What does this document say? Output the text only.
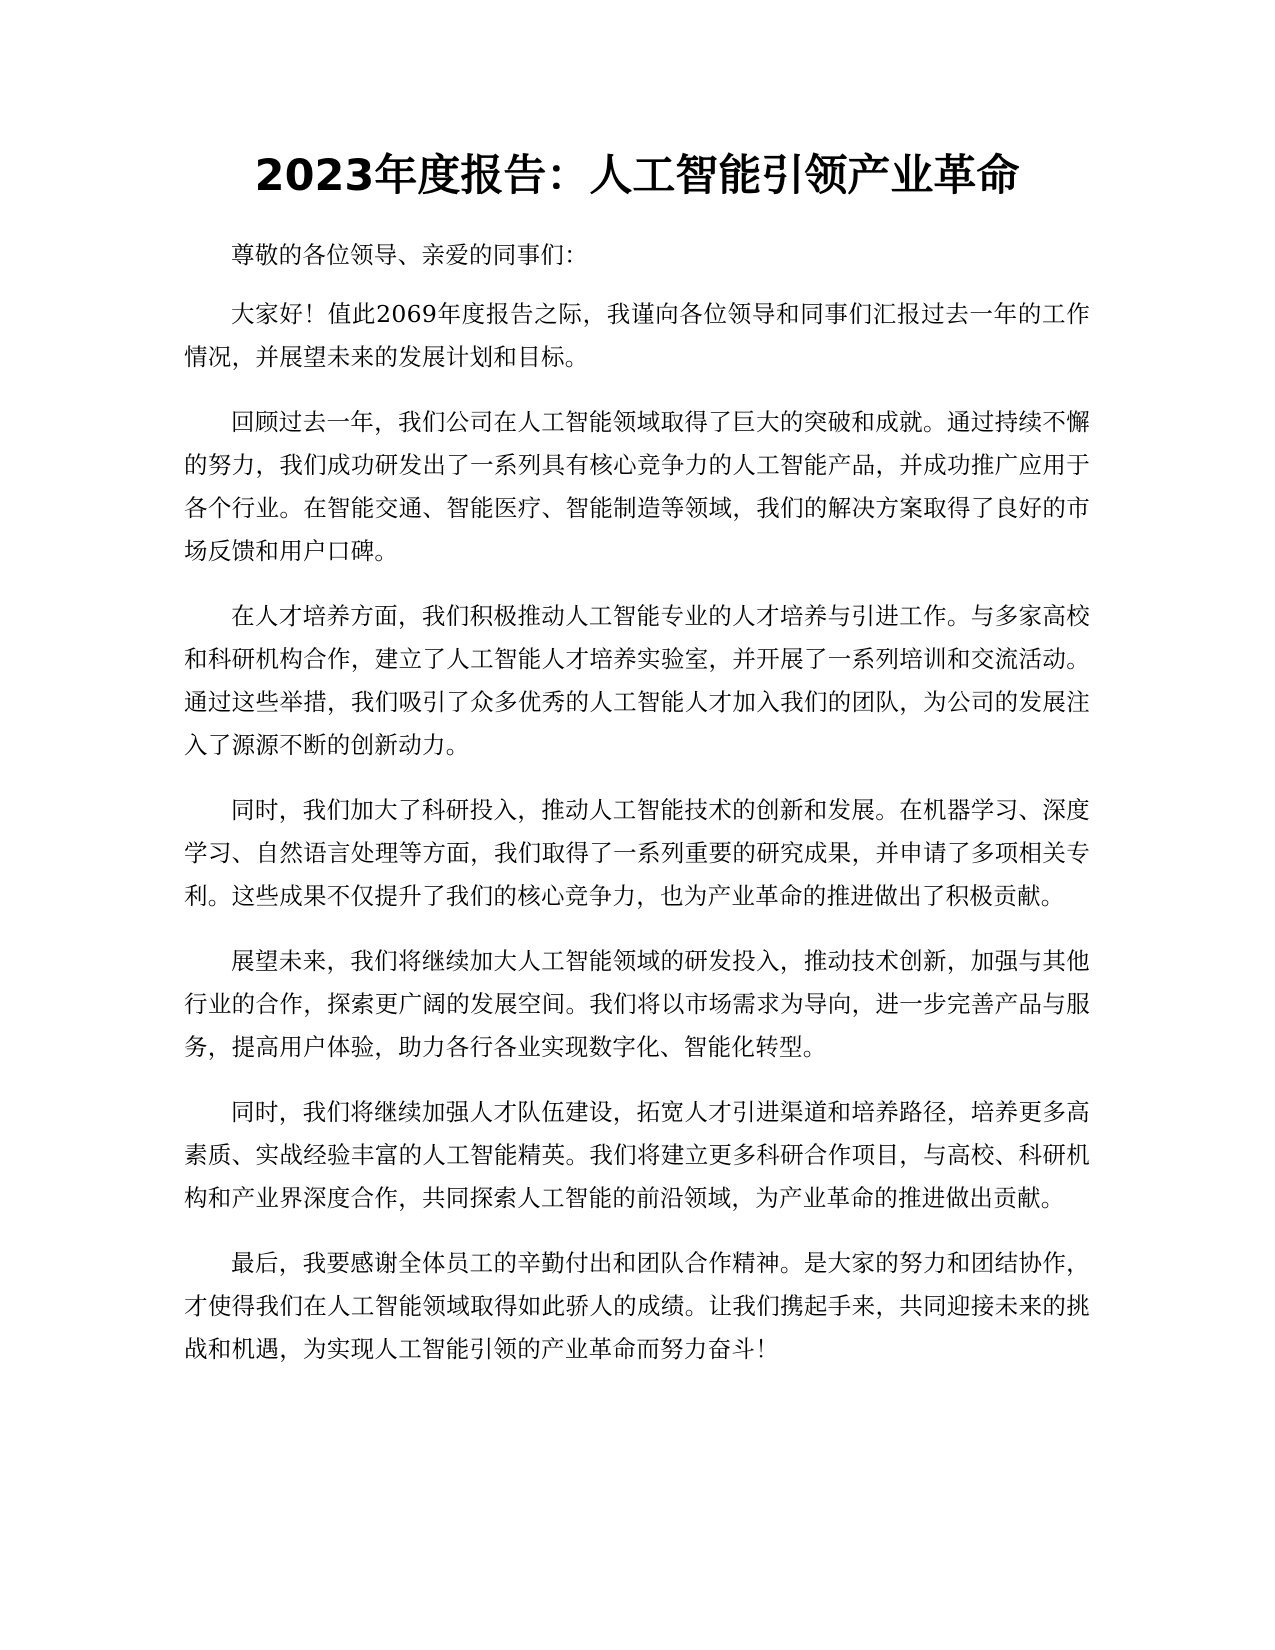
2023年度报告：人工智能引领产业革命

尊敬的各位领导、亲爱的同事们：

大家好！值此2069年度报告之际，我谨向各位领导和同事们汇报过去一年的工作情况，并展望未来的发展计划和目标。

回顾过去一年，我们公司在人工智能领域取得了巨大的突破和成就。通过持续不懈的努力，我们成功研发出了一系列具有核心竞争力的人工智能产品，并成功推广应用于各个行业。在智能交通、智能医疗、智能制造等领域，我们的解决方案取得了良好的市场反馈和用户口碑。

在人才培养方面，我们积极推动人工智能专业的人才培养与引进工作。与多家高校和科研机构合作，建立了人工智能人才培养实验室，并开展了一系列培训和交流活动。通过这些举措，我们吸引了众多优秀的人工智能人才加入我们的团队，为公司的发展注入了源源不断的创新动力。

同时，我们加大了科研投入，推动人工智能技术的创新和发展。在机器学习、深度学习、自然语言处理等方面，我们取得了一系列重要的研究成果，并申请了多项相关专利。这些成果不仅提升了我们的核心竞争力，也为产业革命的推进做出了积极贡献。

展望未来，我们将继续加大人工智能领域的研发投入，推动技术创新，加强与其他行业的合作，探索更广阔的发展空间。我们将以市场需求为导向，进一步完善产品与服务，提高用户体验，助力各行各业实现数字化、智能化转型。

同时，我们将继续加强人才队伍建设，拓宽人才引进渠道和培养路径，培养更多高素质、实战经验丰富的人工智能精英。我们将建立更多科研合作项目，与高校、科研机构和产业界深度合作，共同探索人工智能的前沿领域，为产业革命的推进做出贡献。

最后，我要感谢全体员工的辛勤付出和团队合作精神。是大家的努力和团结协作，才使得我们在人工智能领域取得如此骄人的成绩。让我们携起手来，共同迎接未来的挑战和机遇，为实现人工智能引领的产业革命而努力奋斗！
